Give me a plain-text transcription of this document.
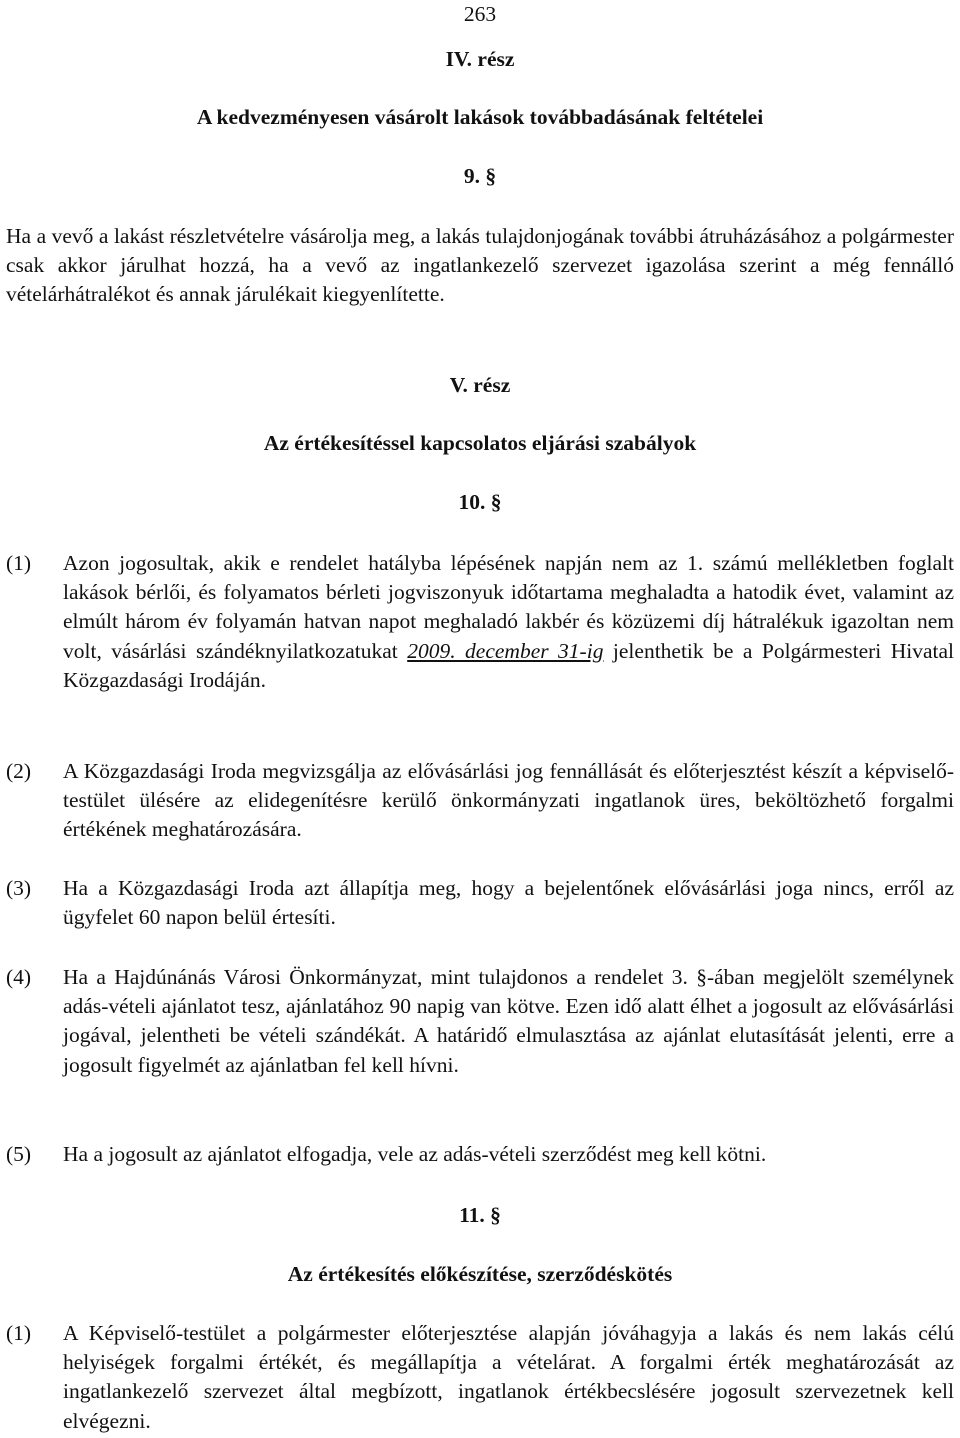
263
IV. rész
A kedvezményesen vásárolt lakások továbbadásának feltételei
9. §
Ha a vevő a lakást részletvételre vásárolja meg, a lakás tulajdonjogának további átruházásához a polgármester csak akkor járulhat hozzá, ha a vevő az ingatlankezelő szervezet igazolása szerint a még fennálló vételárhátralékot és annak járulékait kiegyenlítette.
V. rész
Az értékesítéssel kapcsolatos eljárási szabályok
10. §
(1) Azon jogosultak, akik e rendelet hatályba lépésének napján nem az 1. számú mellékletben foglalt lakások bérlői, és folyamatos bérleti jogviszonyuk időtartama meghaladta a hatodik évet, valamint az elmúlt három év folyamán hatvan napot meghaladó lakbér és közüzemi díj hátralékuk igazoltan nem volt, vásárlási szándéknyilatkozatukat 2009. december 31-ig jelenthetik be a Polgármesteri Hivatal Közgazdasági Irodáján.
(2) A Közgazdasági Iroda megvizsgálja az elővásárlási jog fennállását és előterjesztést készít a képviselő-testület ülésére az elidegenítésre kerülő önkormányzati ingatlanok üres, beköltözhető forgalmi értékének meghatározására.
(3) Ha a Közgazdasági Iroda azt állapítja meg, hogy a bejelentőnek elővásárlási joga nincs, erről az ügyfelet 60 napon belül értesíti.
(4) Ha a Hajdúnánás Városi Önkormányzat, mint tulajdonos a rendelet 3. §-ában megjelölt személynek adás-vételi ajánlatot tesz, ajánlatához 90 napig van kötve. Ezen idő alatt élhet a jogosult az elővásárlási jogával, jelentheti be vételi szándékát. A határidő elmulasztása az ajánlat elutasítását jelenti, erre a jogosult figyelmét az ajánlatban fel kell hívni.
(5) Ha a jogosult az ajánlatot elfogadja, vele az adás-vételi szerződést meg kell kötni.
11. §
Az értékesítés előkészítése, szerződéskötés
(1) A Képviselő-testület a polgármester előterjesztése alapján jóváhagyja a lakás és nem lakás célú helyiségek forgalmi értékét, és megállapítja a vételárat. A forgalmi érték meghatározását az ingatlankezelő szervezet által megbízott, ingatlanok értékbecslésére jogosult szervezetnek kell elvégezni.
